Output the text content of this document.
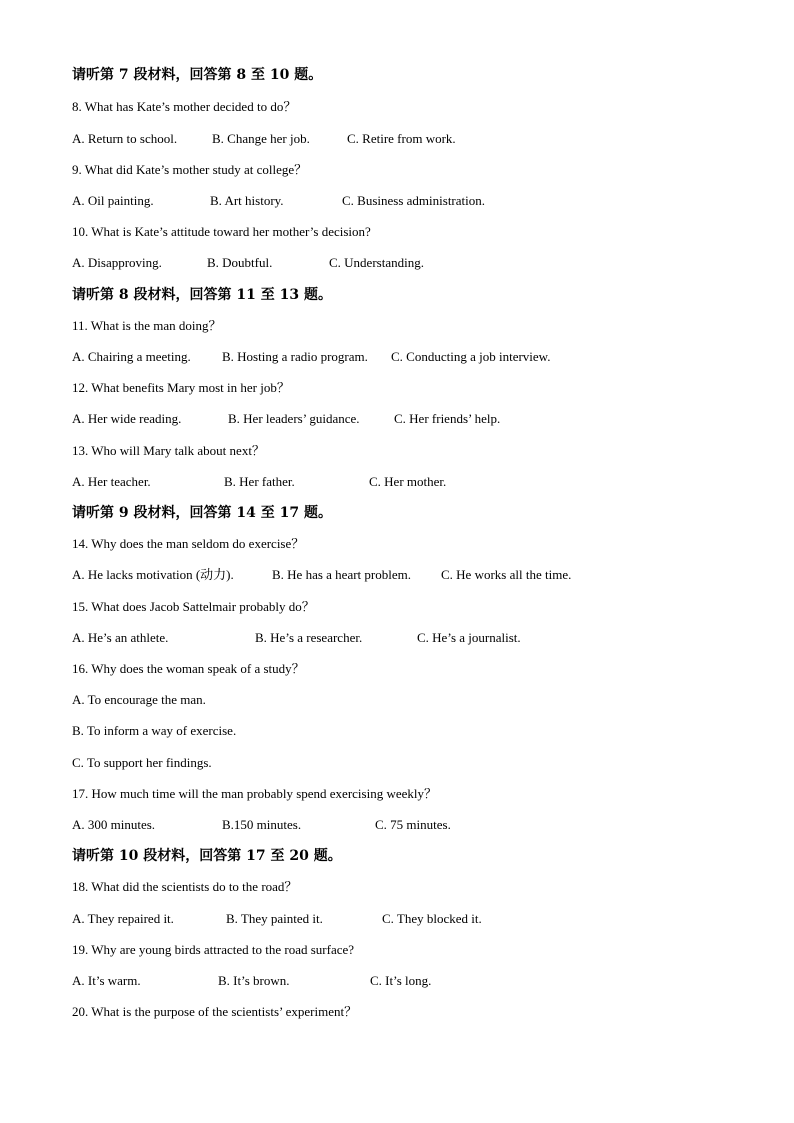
请听第 7 段材料，回答第 8 至 10 题。
8. What has Kate’s mother decided to do？
A. Return to school.	B. Change her job.	C. Retire from work.
9. What did Kate’s mother study at college？
A. Oil painting.	B. Art history.	C. Business administration.
10. What is Kate’s attitude toward her mother’s decision?
A. Disapproving.	B. Doubtful.	C. Understanding.
请听第 8 段材料，回答第 11 至 13 题。
11. What is the man doing？
A. Chairing a meeting. B. Hosting a radio program. C. Conducting a job interview.
12. What benefits Mary most in her job？
A. Her wide reading.	B. Her leaders’ guidance.	C. Her friends’ help.
13. Who will Mary talk about next？
A. Her teacher.	B. Her father.	C. Her mother.
请听第 9 段材料，回答第 14 至 17 题。
14. Why does the man seldom do exercise？
A. He lacks motivation (动力).	B. He has a heart problem. C. He works all the time.
15. What does Jacob Sattelmair probably do？
A. He’s an athlete.	B. He’s a researcher.	C. He’s a journalist.
16. Why does the woman speak of a study？
A. To encourage the man.
B. To inform a way of exercise.
C. To support her findings.
17. How much time will the man probably spend exercising weekly？
A. 300 minutes.	B.150 minutes.	C. 75 minutes.
请听第 10 段材料，回答第 17 至 20 题。
18. What did the scientists do to the road？
A. They repaired it.	B. They painted it.	C. They blocked it.
19. Why are young birds attracted to the road surface?
A. It’s warm.	B. It’s brown.	C. It’s long.
20. What is the purpose of the scientists’ experiment？
